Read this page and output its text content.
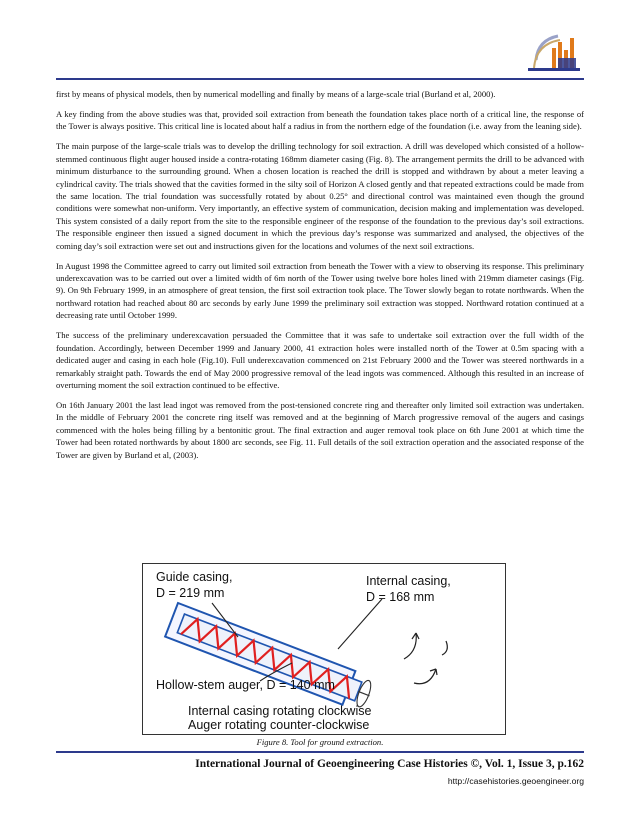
first by means of physical models, then by numerical modelling and finally by means of a large-scale trial (Burland et al, 2000).

A key finding from the above studies was that, provided soil extraction from beneath the foundation takes place north of a critical line, the response of the Tower is always positive. This critical line is located about half a radius in from the northern edge of the foundation (i.e. away from the leaning side).

The main purpose of the large-scale trials was to develop the drilling technology for soil extraction. A drill was developed which consisted of a hollow-stemmed continuous flight auger housed inside a contra-rotating 168mm diameter casing (Fig. 8). The arrangement permits the drill to be advanced with minimum disturbance to the surrounding ground. When a chosen location is reached the drill is stopped and withdrawn by about a meter leaving a cylindrical cavity. The trials showed that the cavities formed in the silty soil of Horizon A closed gently and that repeated extractions could be made from the same location. The trial foundation was successfully rotated by about 0.25° and directional control was maintained even though the ground conditions were somewhat non-uniform. Very importantly, an effective system of communication, decision making and implementation was developed. This system consisted of a daily report from the site to the responsible engineer of the response of the foundation to the previous day’s soil extractions. The responsible engineer then issued a signed document in which the previous day’s response was summarized and analysed, the objectives of the coming day’s soil extraction were set out and instructions given for the locations and volumes of the next soil extractions.

In August 1998 the Committee agreed to carry out limited soil extraction from beneath the Tower with a view to observing its response. This preliminary underexcavation was to be carried out over a limited width of 6m north of the Tower using twelve bore holes lined with 219mm diameter casings (Fig. 9). On 9th February 1999, in an atmosphere of great tension, the first soil extraction took place. The Tower slowly began to rotate northwards. When the northward rotation had reached about 80 arc seconds by early June 1999 the preliminary soil extraction was stopped. Northward rotation continued at a decreasing rate until October 1999.

The success of the preliminary underexcavation persuaded the Committee that it was safe to undertake soil extraction over the full width of the foundation. Accordingly, between December 1999 and January 2000, 41 extraction holes were installed north of the Tower at 0.5m spacing with a dedicated auger and casing in each hole (Fig.10). Full underexcavation commenced on 21st February 2000 and the Tower was steered northwards in a remarkably straight path. Towards the end of May 2000 progressive removal of the lead ingots was commenced. Although this resulted in an increase of overturning moment the soil extraction continued to be effective.

On 16th January 2001 the last lead ingot was removed from the post-tensioned concrete ring and thereafter only limited soil extraction was undertaken. In the middle of February 2001 the concrete ring itself was removed and at the beginning of March progressive removal of the augers and casings commenced with the holes being filling by a bentonitic grout. The final extraction and auger removal took place on 6th June 2001 at which time the Tower had been rotated northwards by about 1800 arc seconds, see Fig. 11. Full details of the soil extraction operation and the associated response of the Tower are given by Burland et al, (2003).

Guide casing,
D = 219 mm
Internal casing,
D = 168 mm
Hollow-stem auger, D = 140 mm
Internal casing rotating clockwise
Auger rotating counter-clockwise
Figure 8. Tool for ground extraction.
International Journal of Geoengineering Case Histories ©, Vol. 1, Issue 3, p.162
http://casehistories.geoengineer.org
